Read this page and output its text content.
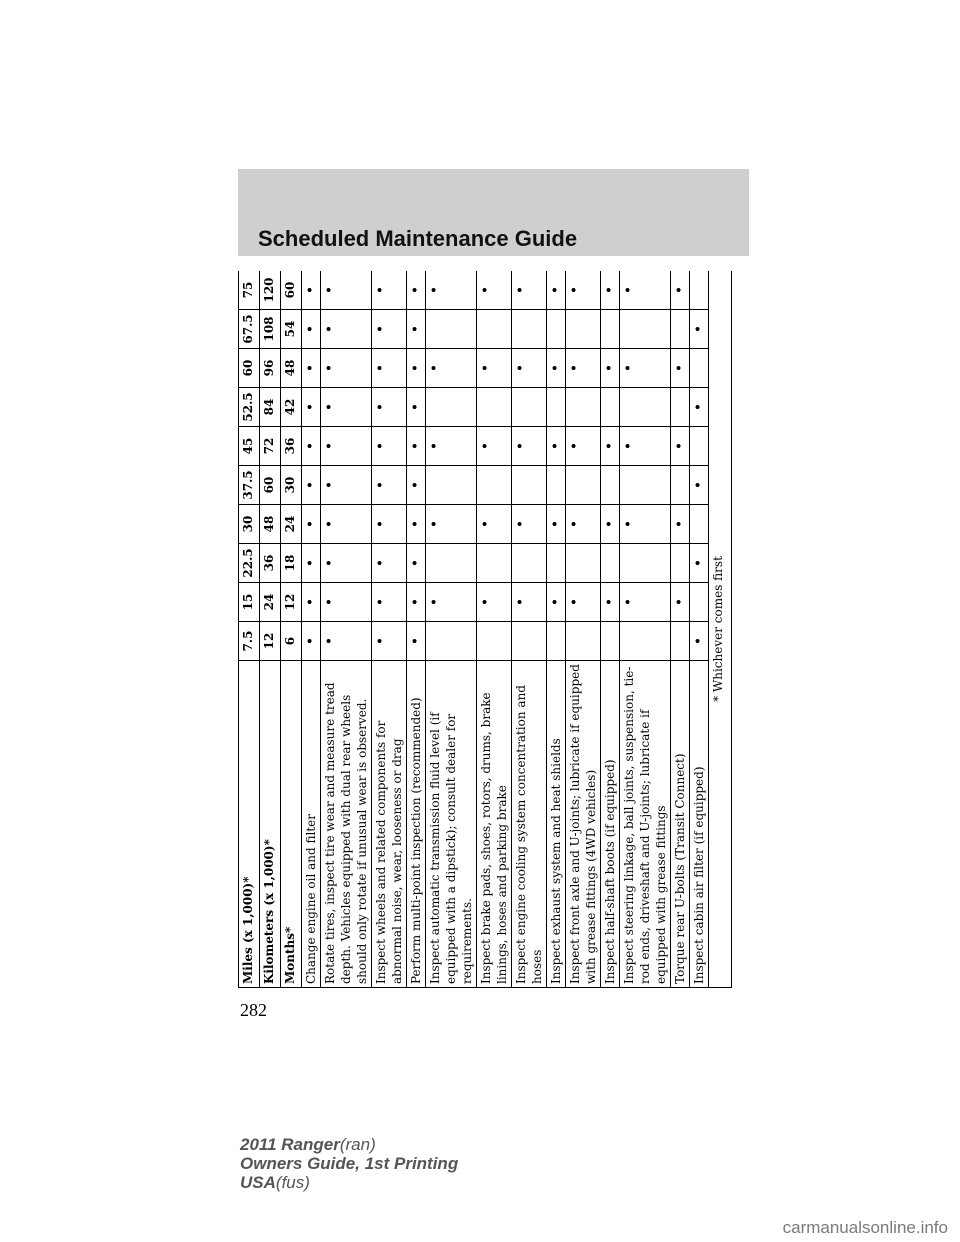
Scheduled Maintenance Guide
Miles (x 1,000)*	7.5	15	22.5	30	37.5	45	52.5	60	67.5	75
Kilometers (x 1,000)*	12	24	36	48	60	72	84	96	108	120
Months*	6	12	18	24	30	36	42	48	54	60
Change engine oil and filter	•	•	•	•	•	•	•	•	•	•
Rotate tires, inspect tire wear and measure tread depth. Vehicles equipped with dual rear wheels should only rotate if unusual wear is observed.	•	•	•	•	•	•	•	•	•	•
Inspect wheels and related components for abnormal noise, wear, looseness or drag	•	•	•	•	•	•	•	•	•	•
Perform multi-point inspection (recommended)	•	•	•	•	•	•	•	•	•	•
Inspect automatic transmission fluid level (if equipped with a dipstick); consult dealer for requirements.		•		•		•		•		•
Inspect brake pads, shoes, rotors, drums, brake linings, hoses and parking brake		•		•		•		•		•
Inspect engine cooling system concentration and hoses		•		•		•		•		•
Inspect exhaust system and heat shields		•		•		•		•		•
Inspect front axle and U-joints; lubricate if equipped with grease fittings (4WD vehicles)		•		•		•		•		•
Inspect half-shaft boots (if equipped)		•		•		•		•		•
Inspect steering linkage, ball joints, suspension, tie-rod ends, driveshaft and U-joints; lubricate if equipped with grease fittings		•		•		•		•		•
Torque rear U-bolts (Transit Connect)		•		•		•		•		•
Inspect cabin air filter (if equipped)	•		•		•		•		•	
* Whichever comes first										
282
2011 Ranger(ran)
Owners Guide, 1st Printing
USA(fus)
carmanualsonline.info
